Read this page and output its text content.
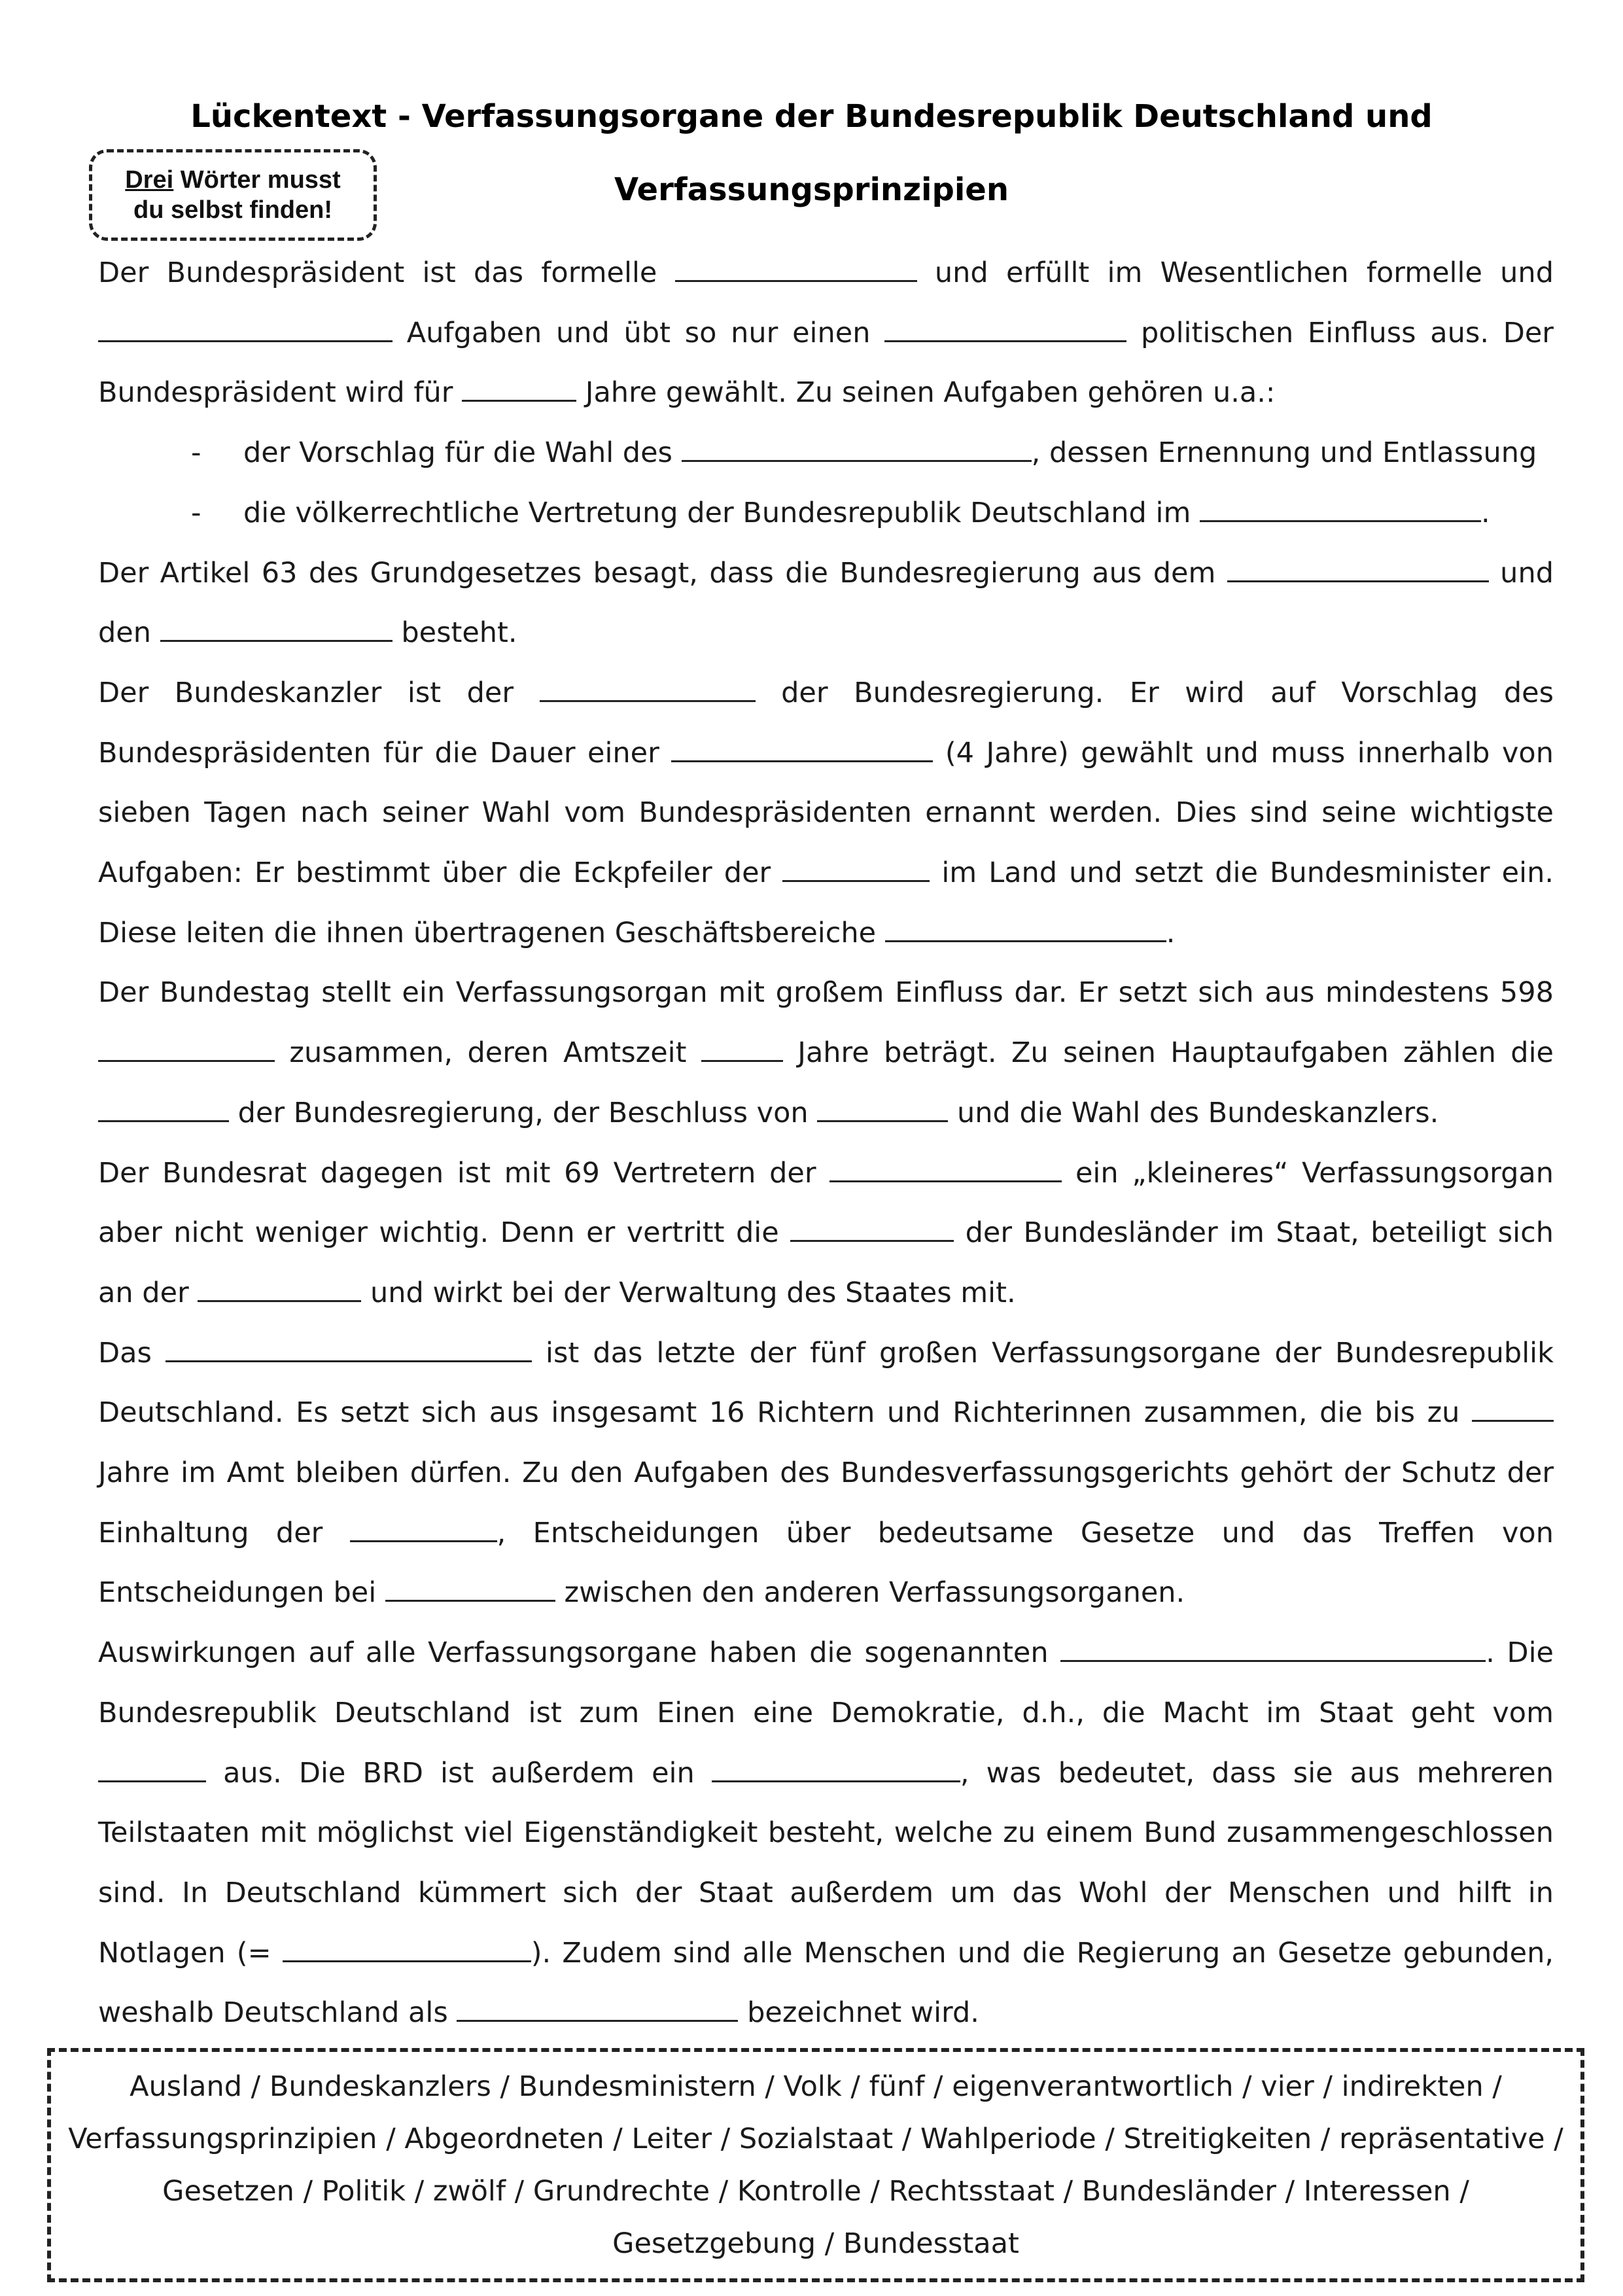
Lückentext - Verfassungsorgane der Bundesrepublik Deutschland und
Verfassungsprinzipien
Drei Wörter musst
du selbst finden!

Der Bundespräsident ist das formelle	und erfüllt im Wesentlichen formelle und  Aufgaben und übt so nur einen	politischen Einfluss aus. Der Bundespräsident wird für	Jahre gewählt. Zu seinen Aufgaben gehören u.a.:

- der Vorschlag für die Wahl des	, dessen Ernennung und Entlassung
- die völkerrechtliche Vertretung der Bundesrepublik Deutschland im	.

Der Artikel 63 des Grundgesetzes besagt, dass die Bundesregierung aus dem	und den	besteht.

Der Bundeskanzler ist der	der Bundesregierung. Er wird auf Vorschlag des Bundespräsidenten für die Dauer einer	(4 Jahre) gewählt und muss innerhalb von sieben Tagen nach seiner Wahl vom Bundespräsidenten ernannt werden. Dies sind seine wichtigste Aufgaben: Er bestimmt über die Eckpfeiler der	im Land und setzt die Bundesminister ein. Diese leiten die ihnen übertragenen Geschäftsbereiche	.

Der Bundestag stellt ein Verfassungsorgan mit großem Einfluss dar. Er setzt sich aus mindestens 598  zusammen, deren Amtszeit	Jahre beträgt. Zu seinen Hauptaufgaben zählen die  der Bundesregierung, der Beschluss von	und die Wahl des Bundeskanzlers.

Der Bundesrat dagegen ist mit 69 Vertretern der	ein „kleineres“ Verfassungsorgan aber nicht weniger wichtig. Denn er vertritt die	der Bundesländer im Staat, beteiligt sich an der	und wirkt bei der Verwaltung des Staates mit.

Das	ist das letzte der fünf großen Verfassungsorgane der Bundesrepublik Deutschland. Es setzt sich aus insgesamt 16 Richtern und Richterinnen zusammen, die bis zu  Jahre im Amt bleiben dürfen. Zu den Aufgaben des Bundesverfassungsgerichts gehört der Schutz der Einhaltung der	, Entscheidungen über bedeutsame Gesetze und das Treffen von Entscheidungen bei	zwischen den anderen Verfassungsorganen.

Auswirkungen auf alle Verfassungsorgane haben die sogenannten	. Die Bundesrepublik Deutschland ist zum Einen eine Demokratie, d.h., die Macht im Staat geht vom  aus. Die BRD ist außerdem ein	, was bedeutet, dass sie aus mehreren Teilstaaten mit möglichst viel Eigenständigkeit besteht, welche zu einem Bund zusammengeschlossen sind. In Deutschland kümmert sich der Staat außerdem um das Wohl der Menschen und hilft in Notlagen (=	). Zudem sind alle Menschen und die Regierung an Gesetze gebunden, weshalb Deutschland als	bezeichnet wird.

Ausland / Bundeskanzlers / Bundesministern / Volk / fünf / eigenverantwortlich / vier / indirekten / Verfassungsprinzipien / Abgeordneten / Leiter / Sozialstaat / Wahlperiode / Streitigkeiten / repräsentative / Gesetzen / Politik / zwölf / Grundrechte / Kontrolle / Rechtsstaat / Bundesländer / Interessen / Gesetzgebung / Bundesstaat
